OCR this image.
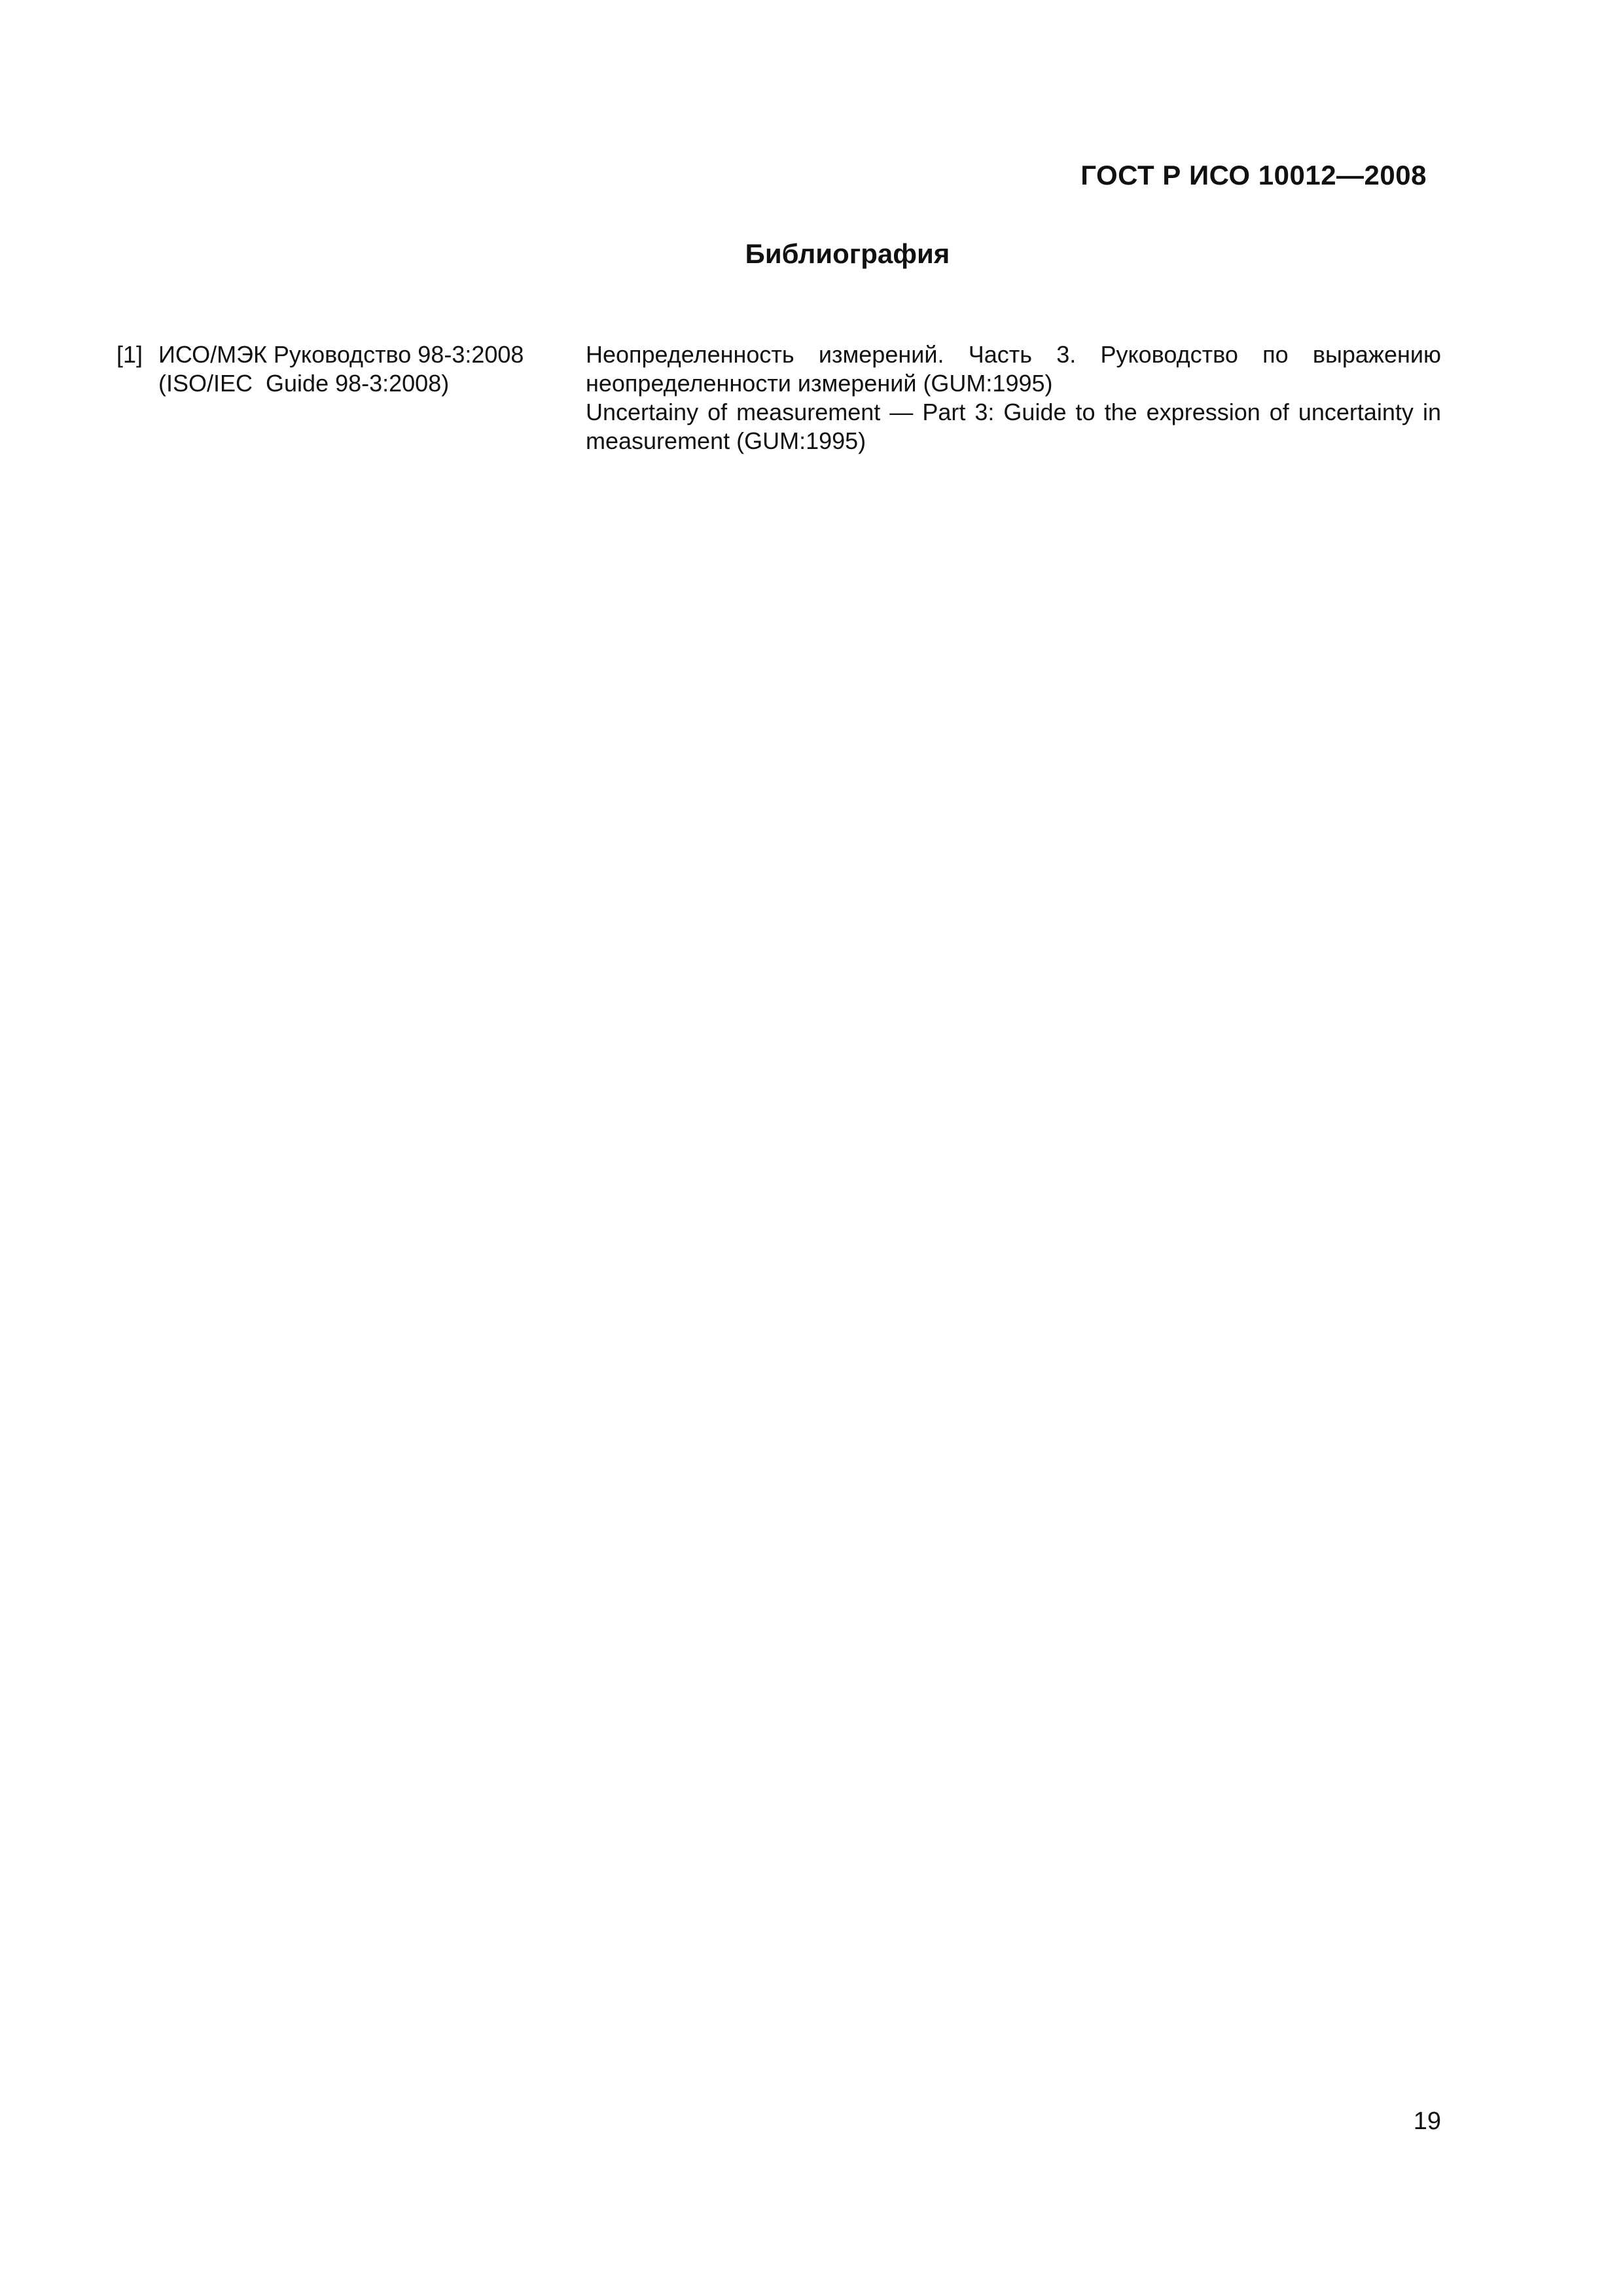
ГОСТ Р ИСО 10012—2008
Библиография
[1] ИСО/МЭК Руководство 98-3:2008
(ISO/IEC  Guide 98-3:2008)

Неопределенность измерений. Часть 3. Руководство по выражению неопределенности измерений (GUM:1995)

Uncertainy of measurement — Part 3: Guide to the expression of uncertainty in measurement (GUM:1995)

19
